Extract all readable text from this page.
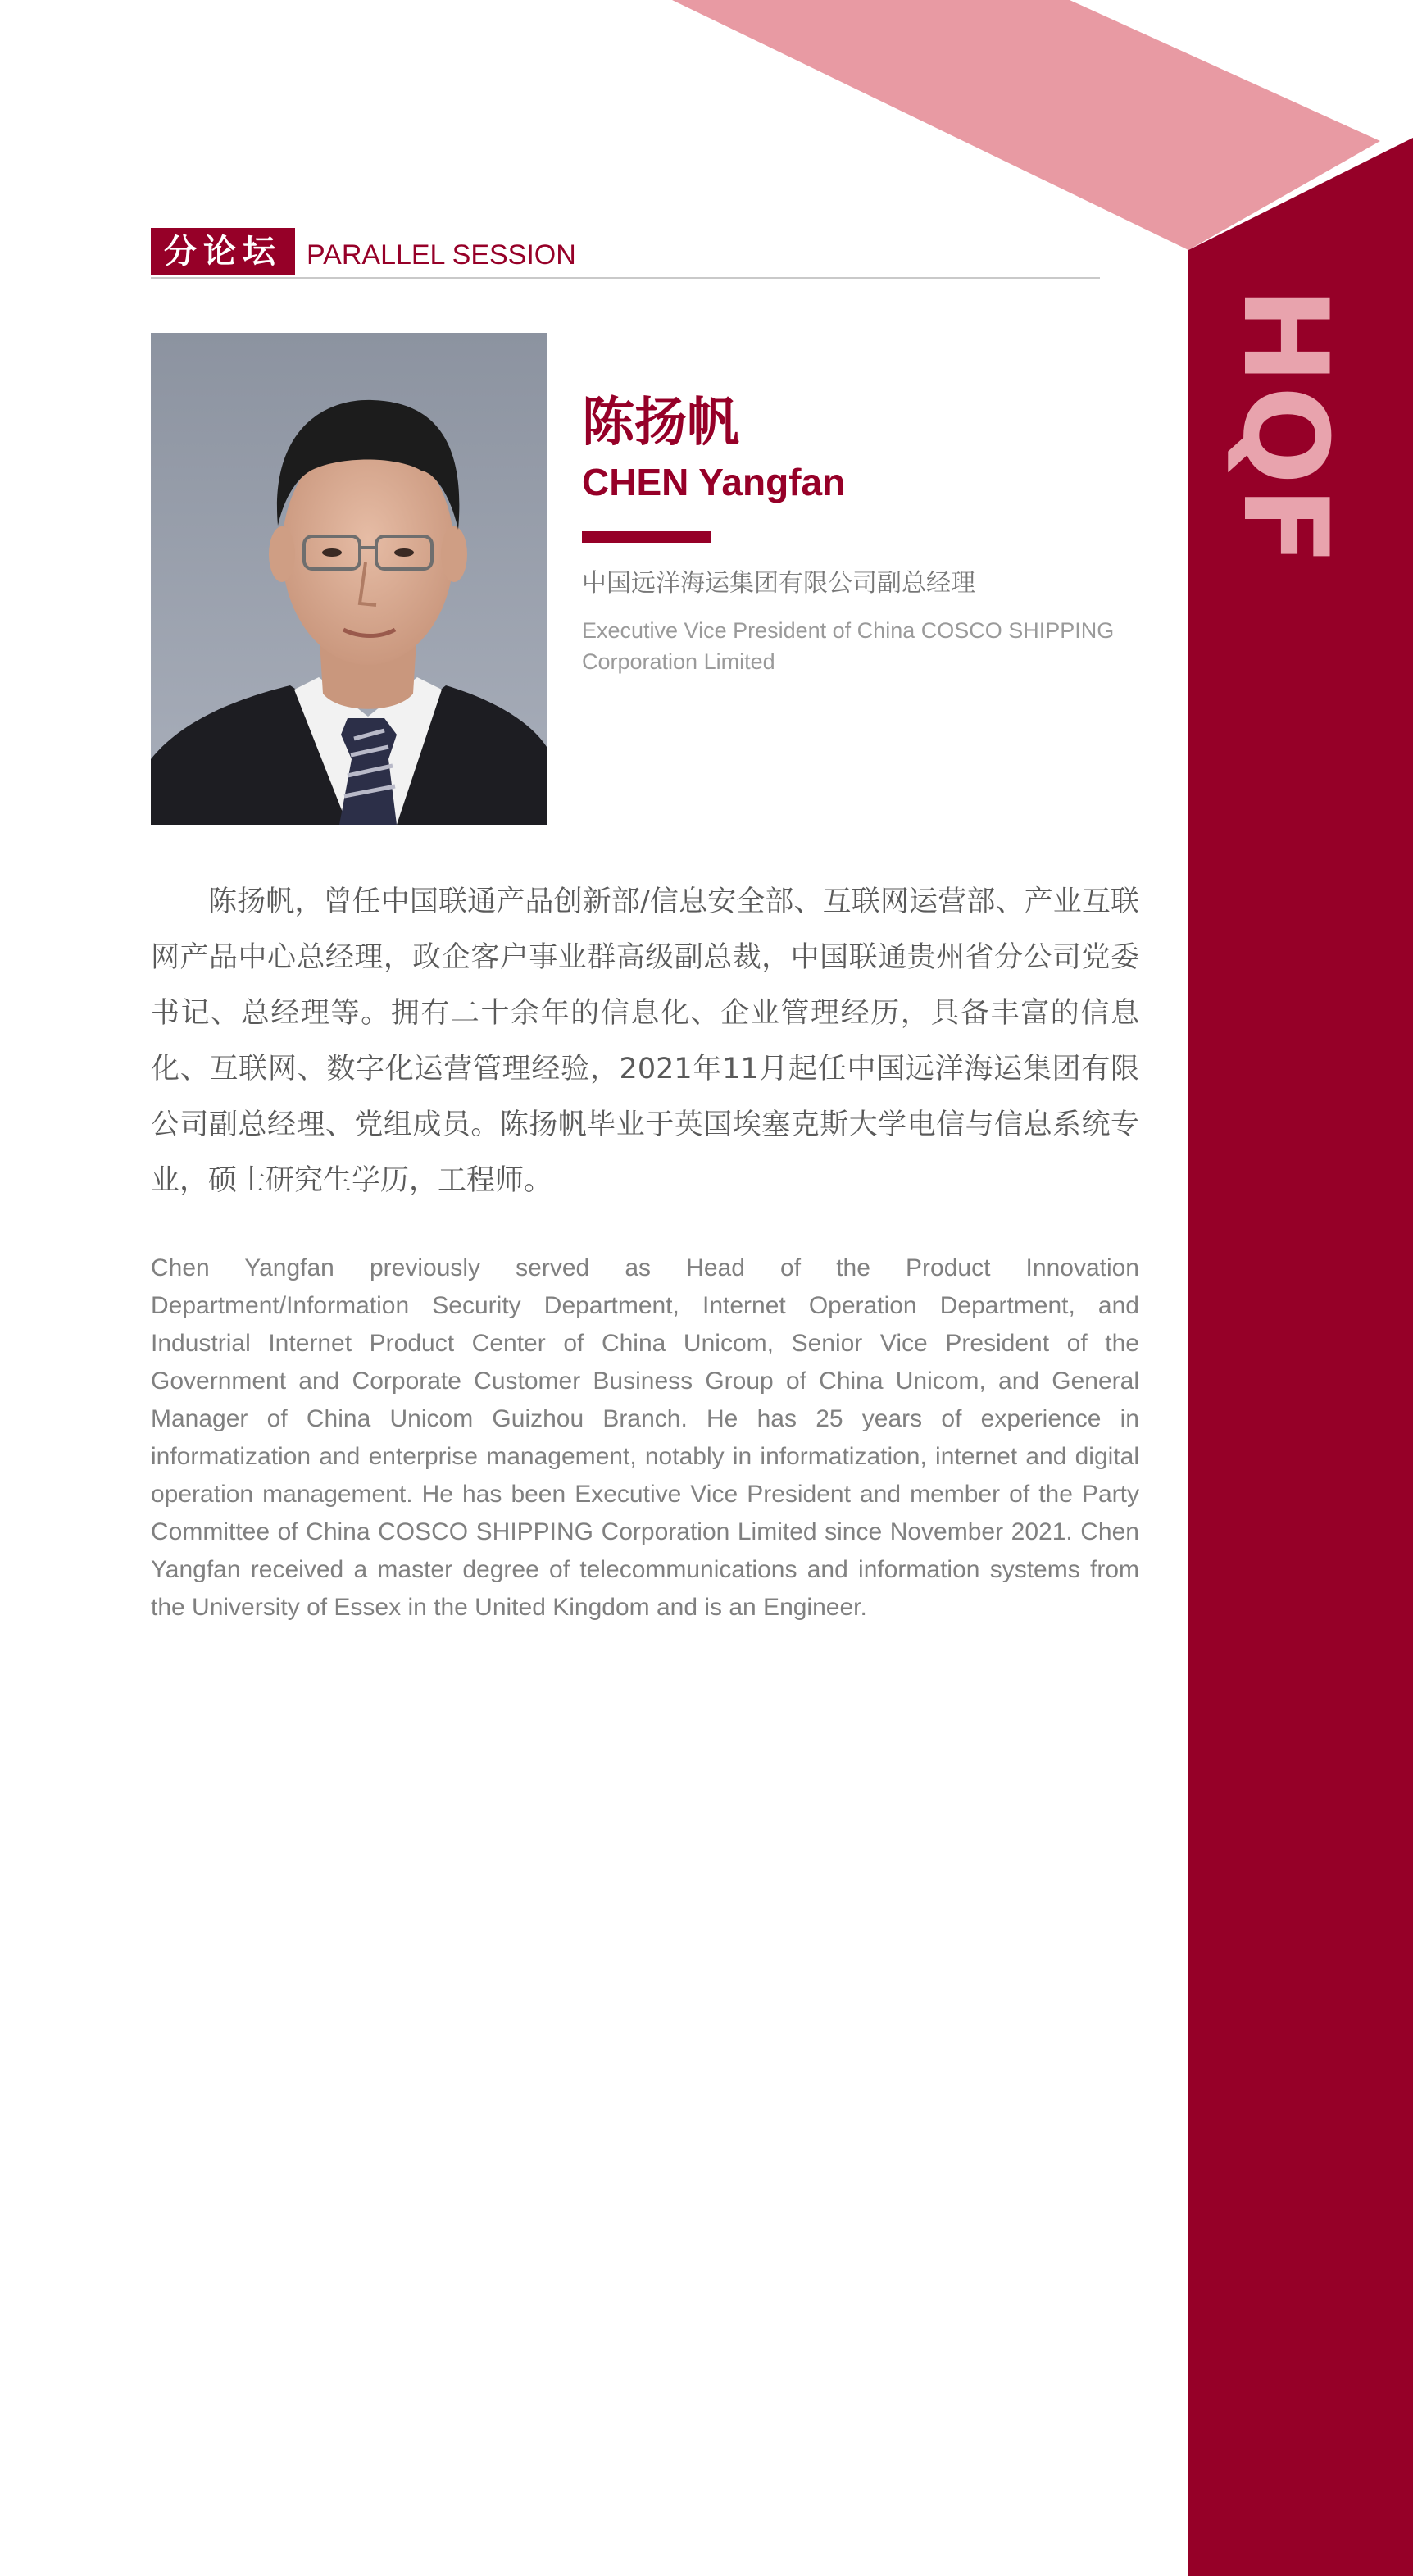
HQF
分论坛 PARALLEL SESSION
陈扬帆
CHEN Yangfan
中国远洋海运集团有限公司副总经理
Executive Vice President of China COSCO SHIPPING Corporation Limited

陈扬帆，曾任中国联通产品创新部/信息安全部、互联网运营部、产业互联网产品中心总经理，政企客户事业群高级副总裁，中国联通贵州省分公司党委书记、总经理等。拥有二十余年的信息化、企业管理经历，具备丰富的信息化、互联网、数字化运营管理经验，2021年11月起任中国远洋海运集团有限公司副总经理、党组成员。陈扬帆毕业于英国埃塞克斯大学电信与信息系统专业，硕士研究生学历，工程师。

Chen Yangfan previously served as Head of the Product Innovation Department/Information Security Department, Internet Operation Department, and Industrial Internet Product Center of China Unicom, Senior Vice President of the Government and Corporate Customer Business Group of China Unicom, and General Manager of China Unicom Guizhou Branch. He has 25 years of experience in informatization and enterprise management, notably in informatization, internet and digital operation management. He has been Executive Vice President and member of the Party Committee of China COSCO SHIPPING Corporation Limited since November 2021. Chen Yangfan received a master degree of telecommunications and information systems from the University of Essex in the United Kingdom and is an Engineer.
